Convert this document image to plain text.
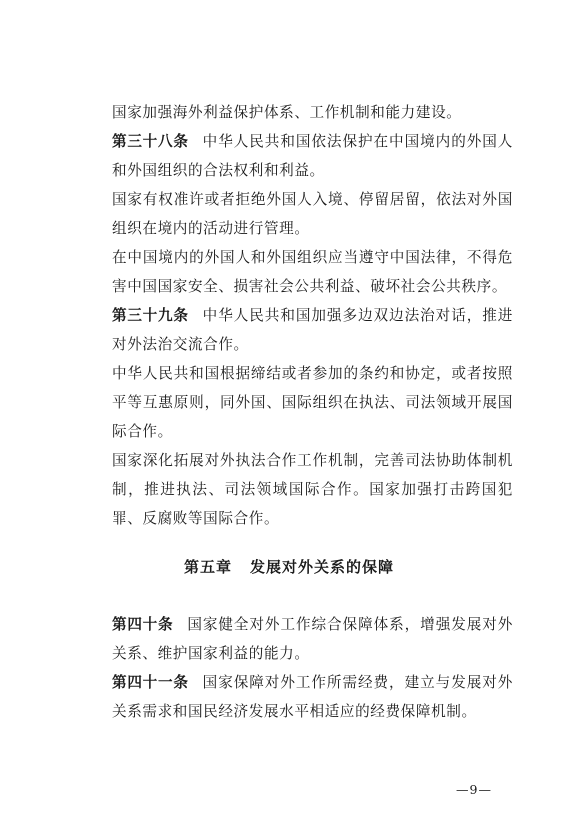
国家加强海外利益保护体系、工作机制和能力建设。
第三十八条 中华人民共和国依法保护在中国境内的外国人和外国组织的合法权利和利益。
国家有权准许或者拒绝外国人入境、停留居留，依法对外国组织在境内的活动进行管理。
在中国境内的外国人和外国组织应当遵守中国法律，不得危害中国国家安全、损害社会公共利益、破坏社会公共秩序。
第三十九条 中华人民共和国加强多边双边法治对话，推进对外法治交流合作。
中华人民共和国根据缔结或者参加的条约和协定，或者按照平等互惠原则，同外国、国际组织在执法、司法领域开展国际合作。
国家深化拓展对外执法合作工作机制，完善司法协助体制机制，推进执法、司法领域国际合作。国家加强打击跨国犯罪、反腐败等国际合作。
第五章 发展对外关系的保障
第四十条 国家健全对外工作综合保障体系，增强发展对外关系、维护国家利益的能力。
第四十一条 国家保障对外工作所需经费，建立与发展对外关系需求和国民经济发展水平相适应的经费保障机制。
—9—
